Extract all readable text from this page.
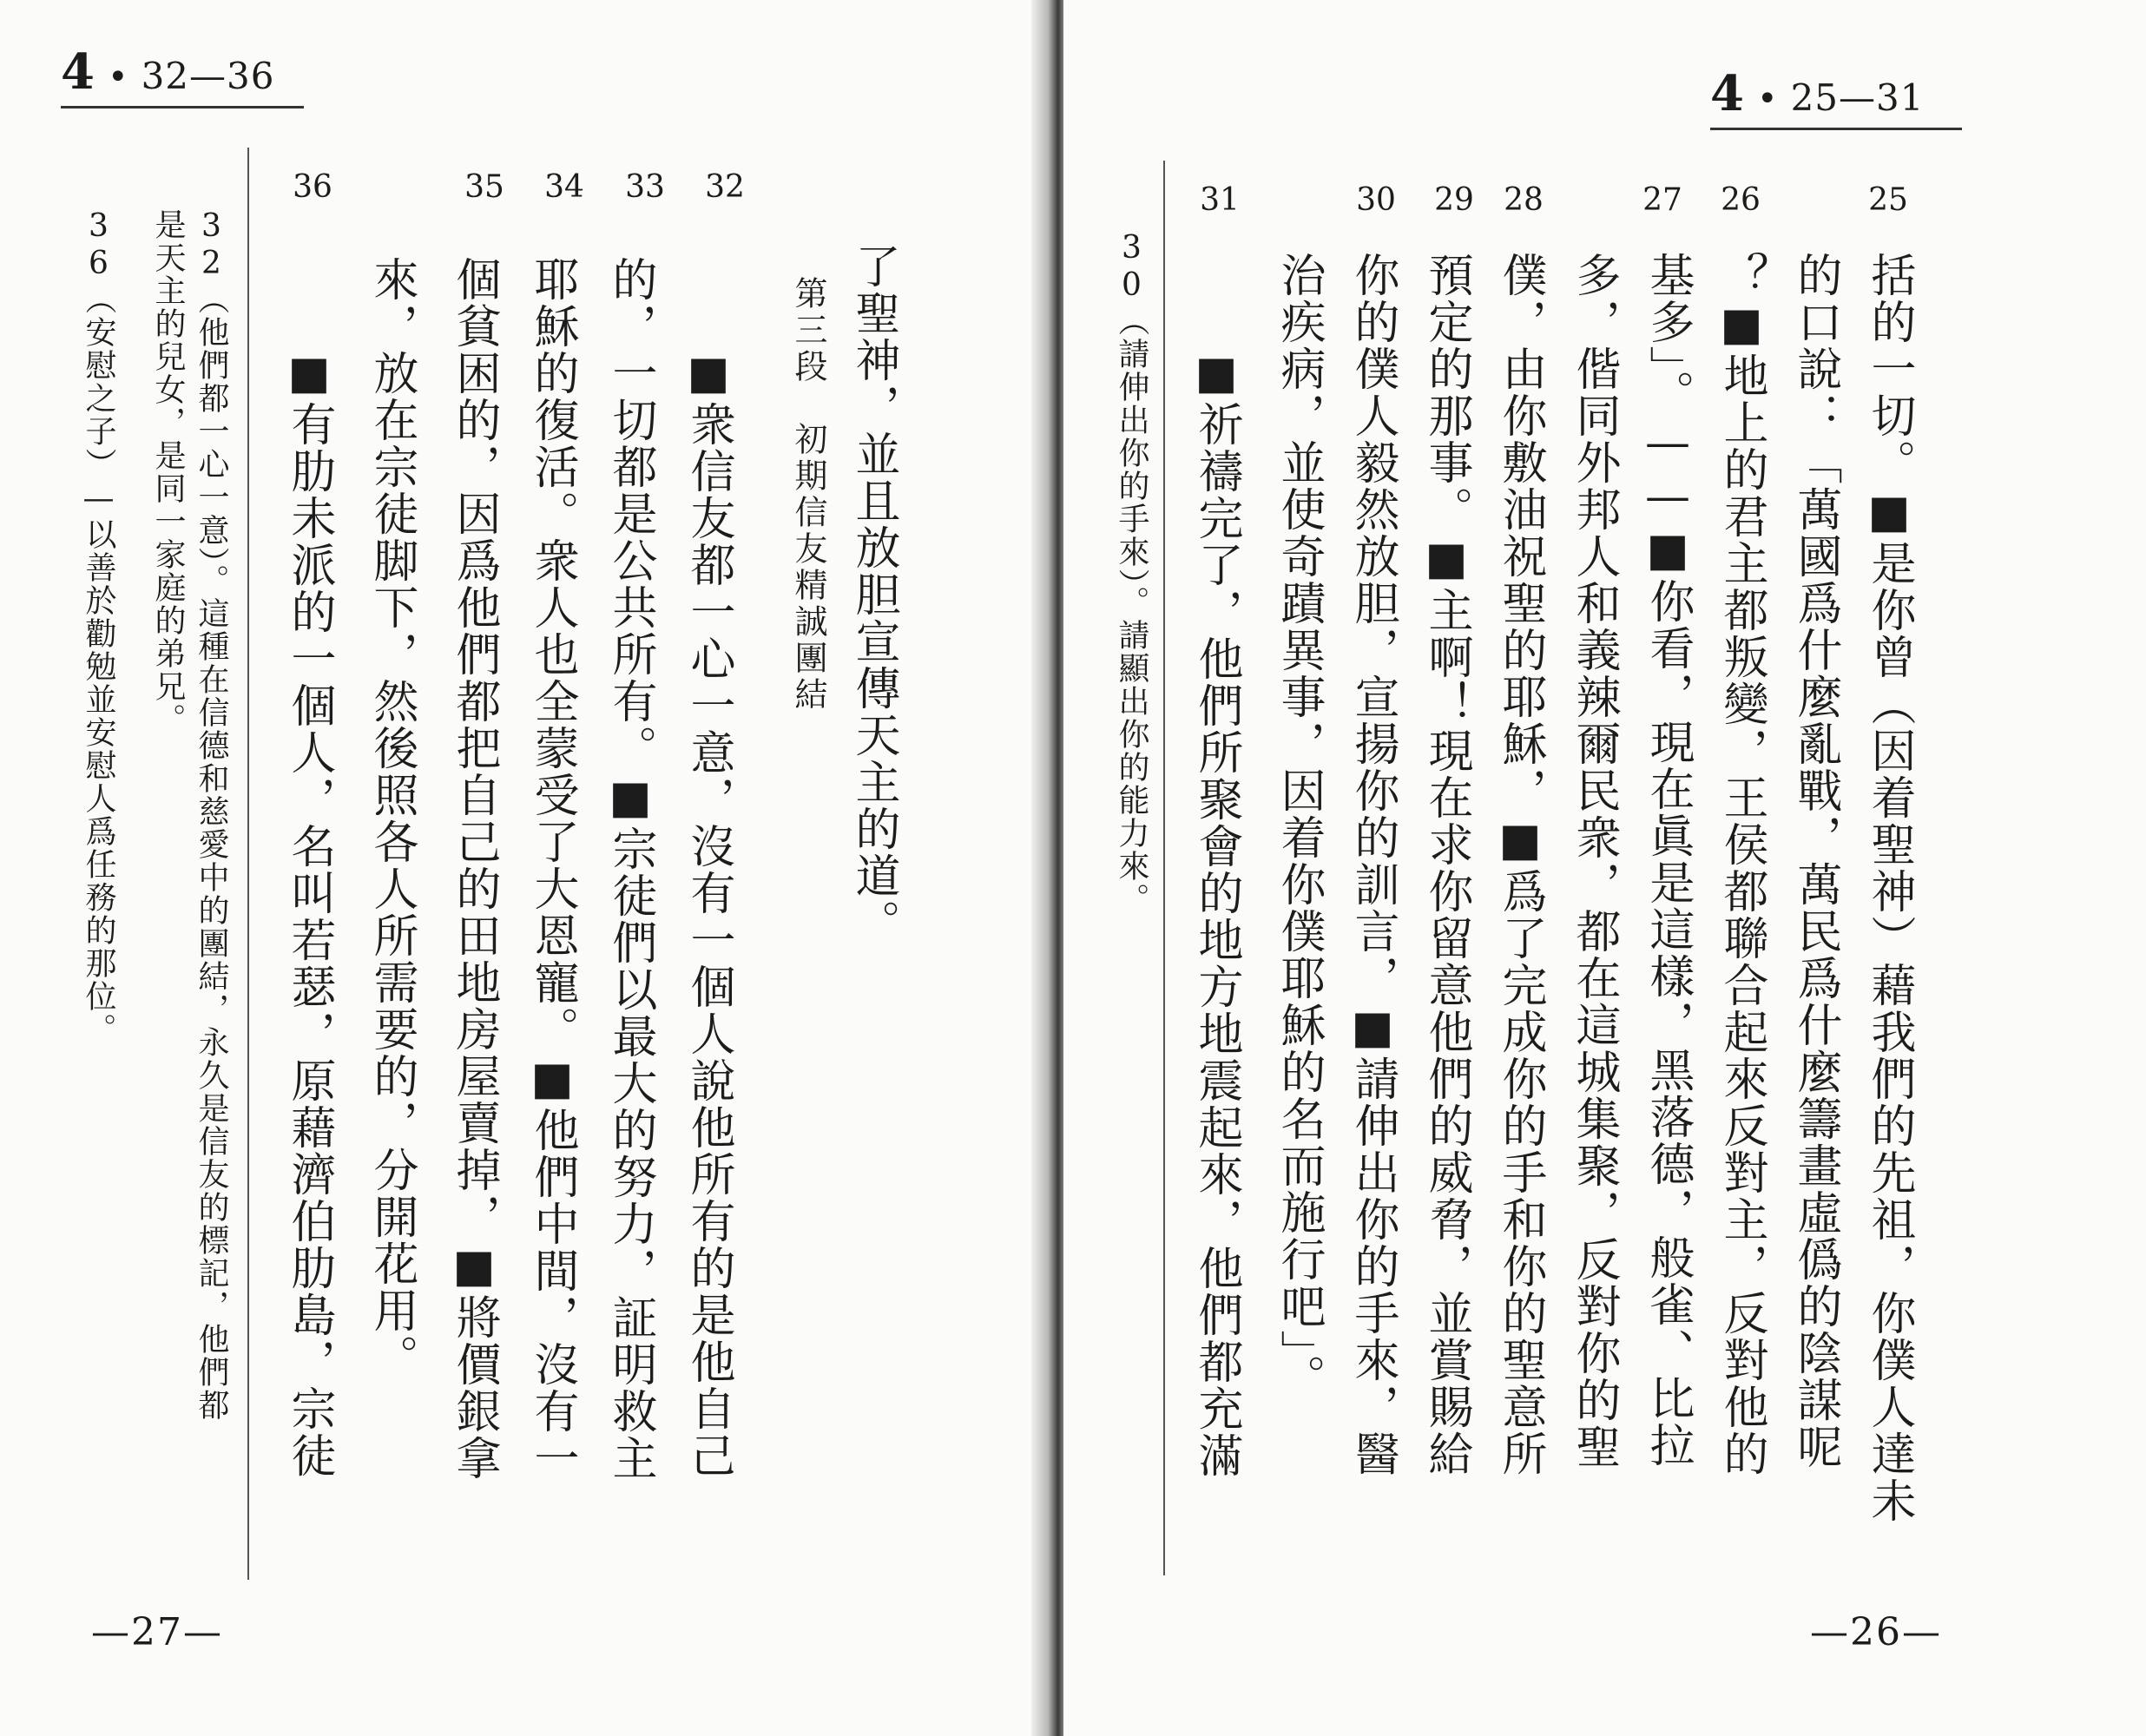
4 • 32—36
36	35 34 33 32
了聖神，並且放胆宣傳天主的道。
第三段　初期信友精誠團結
■衆信友都一心一意，沒有一個人說他所有的是他自己
的，一切都是公共所有。■宗徒們以最大的努力，証明救主
耶穌的復活。衆人也全蒙受了大恩寵。■他們中間，沒有一
個貧困的，因爲他們都把自己的田地房屋賣掉，■將價銀拿
來，放在宗徒脚下，然後照各人所需要的，分開花用。
■有肋未派的一個人，名叫若瑟，原藉濟伯肋島，宗徒
32（他們都一心一意）。這種在信德和慈愛中的團結，永久是信友的標記，他們都
是天主的兒女，是同一家庭的弟兄。
36（安慰之子）—以善於勸勉並安慰人爲任務的那位。
—27—
4 • 25—31
31	30 29 28	27 26	25
括的一切。■是你曾（因着聖神）藉我們的先祖，你僕人達未
的口說：「萬國爲什麼亂戰，萬民爲什麼籌畫虛僞的陰謀呢
？■地上的君主都叛變，王侯都聯合起來反對主，反對他的
基多」。——■你看，現在眞是這樣，黑落德，般雀、比拉
多，偕同外邦人和義辣爾民衆，都在這城集聚，反對你的聖
僕，由你敷油祝聖的耶穌，■爲了完成你的手和你的聖意所
預定的那事。■主啊！現在求你留意他們的威脅，並賞賜給
你的僕人毅然放胆，宣揚你的訓言，■請伸出你的手來，醫
治疾病，並使奇蹟異事，因着你僕耶穌的名而施行吧」。
■祈禱完了，他們所聚會的地方地震起來，他們都充滿
30（請伸出你的手來）。請顯出你的能力來。
—26—
